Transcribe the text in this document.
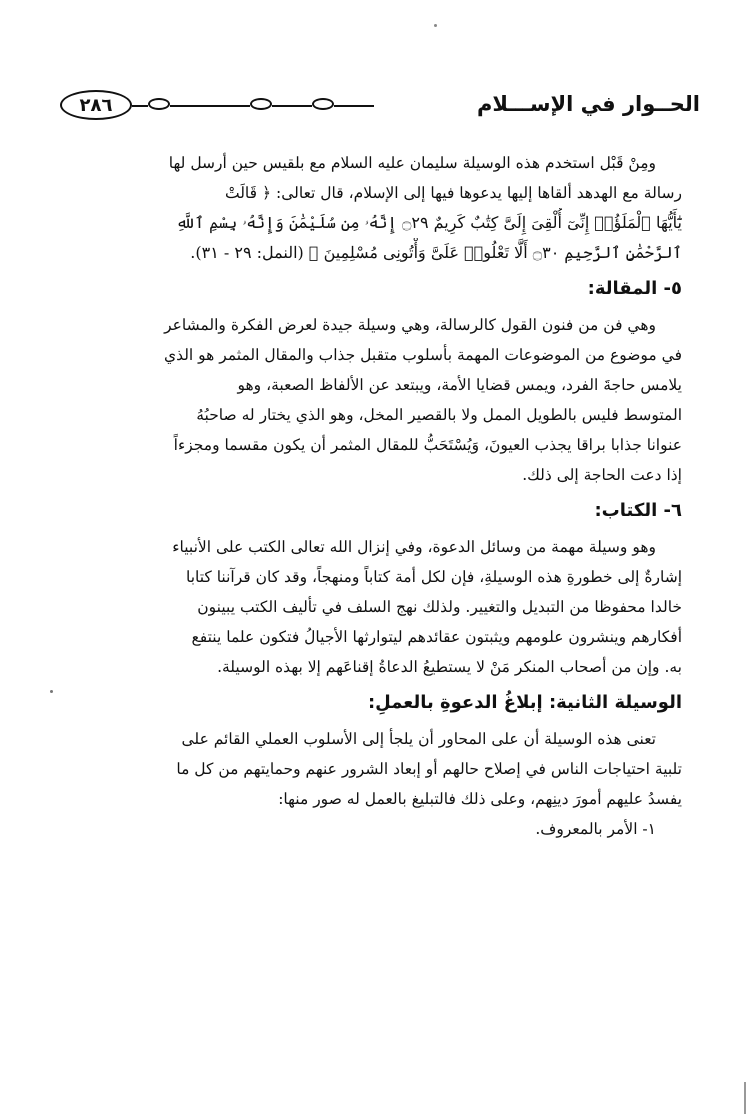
٢٨٦	الحــوار في الإســـلام
ومِنْ قَبْل استخدم هذه الوسيلة سليمان عليه السلام مع بلقيس حين أرسل لها
رسالة مع الهدهد ألقاها إليها يدعوها فيها إلى الإسلام، قال تعالى: ﴿ قَالَتْ
يَٰٓأَيُّهَا ٱلْمَلَؤُا۟ إِنِّىٓ أُلْقِىَ إِلَىَّ كِتَٰبٌ كَرِيمٌ ۝٢٩ إِنَّهُۥ مِن سُلَيْمَٰنَ وَإِنَّهُۥ بِسْمِ ٱللَّهِ
ٱلرَّحْمَٰنِ ٱلرَّحِيمِ ۝٣٠ أَلَّا تَعْلُوا۟ عَلَىَّ وَأْتُونِى مُسْلِمِينَ ﴾ (النمل: ٢٩ - ٣١).
٥- المقالة:
وهي فن من فنون القول كالرسالة، وهي وسيلة جيدة لعرض الفكرة والمشاعر
في موضوع من الموضوعات المهمة بأسلوب متقبل جذاب والمقال المثمر هو الذي
يلامس حاجةَ الفرد، ويمس قضايا الأمة، ويبتعد عن الألفاظ الصعبة، وهو
المتوسط فليس بالطويل الممل ولا بالقصير المخل، وهو الذي يختار له صاحبُهُ
عنوانا جذابا براقا يجذب العيونَ، وَيُسْتَحَبُّ للمقال المثمر أن يكون مقسما ومجزءاً
إذا دعت الحاجة إلى ذلك.
٦- الكتاب:
وهو وسيلة مهمة من وسائل الدعوة، وفي إنزال الله تعالى الكتب على الأنبياء
إشارةٌ إلى خطورةِ هذه الوسيلةِ، فإن لكل أمة كتاباً ومنهجاً، وقد كان قرآننا كتابا
خالدا محفوظا من التبديل والتغيير. ولذلك نهج السلف في تأليف الكتب يبينون
أفكارهم وينشرون علومهم ويثبتون عقائدهم ليتوارثها الأجيالُ فتكون علما ينتفع
به. وإن من أصحاب المنكر مَنْ لا يستطيعُ الدعاةُ إقناعَهم إلا بهذه الوسيلة.
الوسيلة الثانية: إبلاغُ الدعوةِ بالعملِ:
تعنى هذه الوسيلة أن على المحاور أن يلجأ إلى الأسلوب العملي القائم على
تلبية احتياجات الناس في إصلاح حالهم أو إبعاد الشرور عنهم وحمايتهم من كل ما
يفسدُ عليهم أمورَ دينِهم، وعلى ذلك فالتبليغ بالعمل له صور منها:
١- الأمر بالمعروف.
